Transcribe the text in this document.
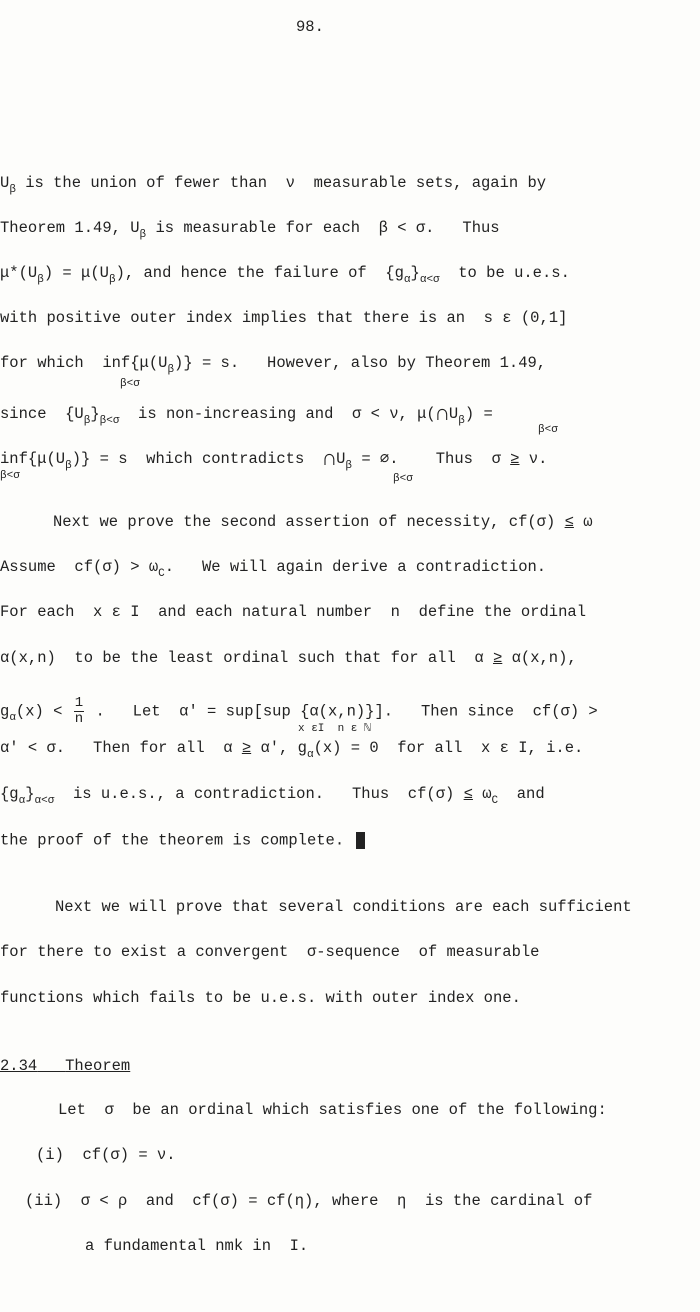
98.
$U_\beta$ is the union of fewer than  ν  measurable sets, again by
Theorem 1.49, $U_\beta$ is measurable for each  β < σ.   Thus
$\mu*(U_\beta) = \mu(U_\beta)$, and hence the failure of  $\{g_\alpha\}_{\alpha<\sigma}$  to be u.e.s.
with positive outer index implies that there is an  s ε (0,1]
for which  $inf\{\mu(U_\beta)\} = s$.   However, also by Theorem 1.49,
β<σ
since  $\{U_\beta\}_{\beta<\sigma}$  is non-increasing and  σ < ν, $\mu(\cap U_\beta)$ =
β<σ
$inf\{\mu(U_\beta)\} = s$  which contradicts  $\cap U_\beta$ = ∅.    Thus  σ ≥ ν.
β<σ	β<σ
Next we prove the second assertion of necessity, cf(σ) ≤ ω
Assume  $cf(\sigma) > \omega_C$.   We will again derive a contradiction.
For each  x ε I  and each natural number  n  define the ordinal
α(x,n)  to be the least ordinal such that for all  α ≥ α(x,n),
$g_\alpha(x) < \frac{1}{n}$ .   Let  α' = sup[sup {α(x,n)}].   Then since  cf(σ) >
x εI  n ε ℕ
α' < σ.   Then for all  α ≥ α', $g_\alpha(x) = 0$  for all  x ε I, i.e.
$\{g_\alpha\}_{\alpha<\sigma}$  is u.e.s., a contradiction.   Thus  $cf(\sigma) \le \omega_C$  and
the proof of the theorem is complete.
Next we will prove that several conditions are each sufficient
for there to exist a convergent  σ-sequence  of measurable
functions which fails to be u.e.s. with outer index one.
2.34 Theorem
Let  σ  be an ordinal which satisfies one of the following:
(i)  cf(σ) = ν.
(ii)  σ < ρ  and  cf(σ) = cf(η), where  η  is the cardinal of
a fundamental nmk in  I.
